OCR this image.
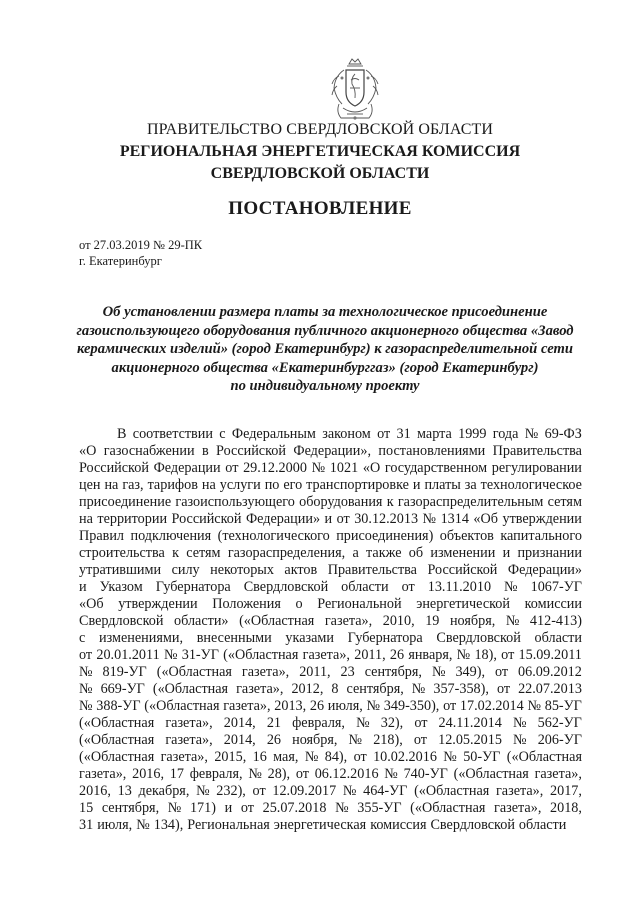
ПРАВИТЕЛЬСТВО СВЕРДЛОВСКОЙ ОБЛАСТИ
РЕГИОНАЛЬНАЯ ЭНЕРГЕТИЧЕСКАЯ КОМИССИЯ
СВЕРДЛОВСКОЙ ОБЛАСТИ
ПОСТАНОВЛЕНИЕ
от 27.03.2019 № 29-ПК
г. Екатеринбург
Об установлении размера платы за технологическое присоединение
газоиспользующего оборудования публичного акционерного общества «Завод
керамических изделий» (город Екатеринбург) к газораспределительной сети
акционерного общества «Екатеринбурггаз» (город Екатеринбург)
по индивидуальному проекту
В соответствии с Федеральным законом от 31 марта 1999 года № 69-ФЗ
«О газоснабжении в Российской Федерации», постановлениями Правительства
Российской Федерации от 29.12.2000 № 1021 «О государственном регулировании
цен на газ, тарифов на услуги по его транспортировке и платы за технологическое
присоединение газоиспользующего оборудования к газораспределительным сетям
на территории Российской Федерации» и от 30.12.2013 № 1314 «Об утверждении
Правил подключения (технологического присоединения) объектов капитального
строительства к сетям газораспределения, а также об изменении и признании
утратившими силу некоторых актов Правительства Российской Федерации»
и Указом Губернатора Свердловской области от 13.11.2010 № 1067-УГ
«Об утверждении Положения о Региональной энергетической комиссии
Свердловской области» («Областная газета», 2010, 19 ноября, № 412-413)
с изменениями, внесенными указами Губернатора Свердловской области
от 20.01.2011 № 31-УГ («Областная газета», 2011, 26 января, № 18), от 15.09.2011
№ 819-УГ («Областная газета», 2011, 23 сентября, № 349), от 06.09.2012
№ 669-УГ («Областная газета», 2012, 8 сентября, № 357-358), от 22.07.2013
№ 388-УГ («Областная газета», 2013, 26 июля, № 349-350), от 17.02.2014 № 85-УГ
(«Областная газета», 2014, 21 февраля, № 32), от 24.11.2014 № 562-УГ
(«Областная газета», 2014, 26 ноября, № 218), от 12.05.2015 № 206-УГ
(«Областная газета», 2015, 16 мая, № 84), от 10.02.2016 № 50-УГ («Областная
газета», 2016, 17 февраля, № 28), от 06.12.2016 № 740-УГ («Областная газета»,
2016, 13 декабря, № 232), от 12.09.2017 № 464-УГ («Областная газета», 2017,
15 сентября, № 171) и от 25.07.2018 № 355-УГ («Областная газета», 2018,
31 июля, № 134), Региональная энергетическая комиссия Свердловской области
